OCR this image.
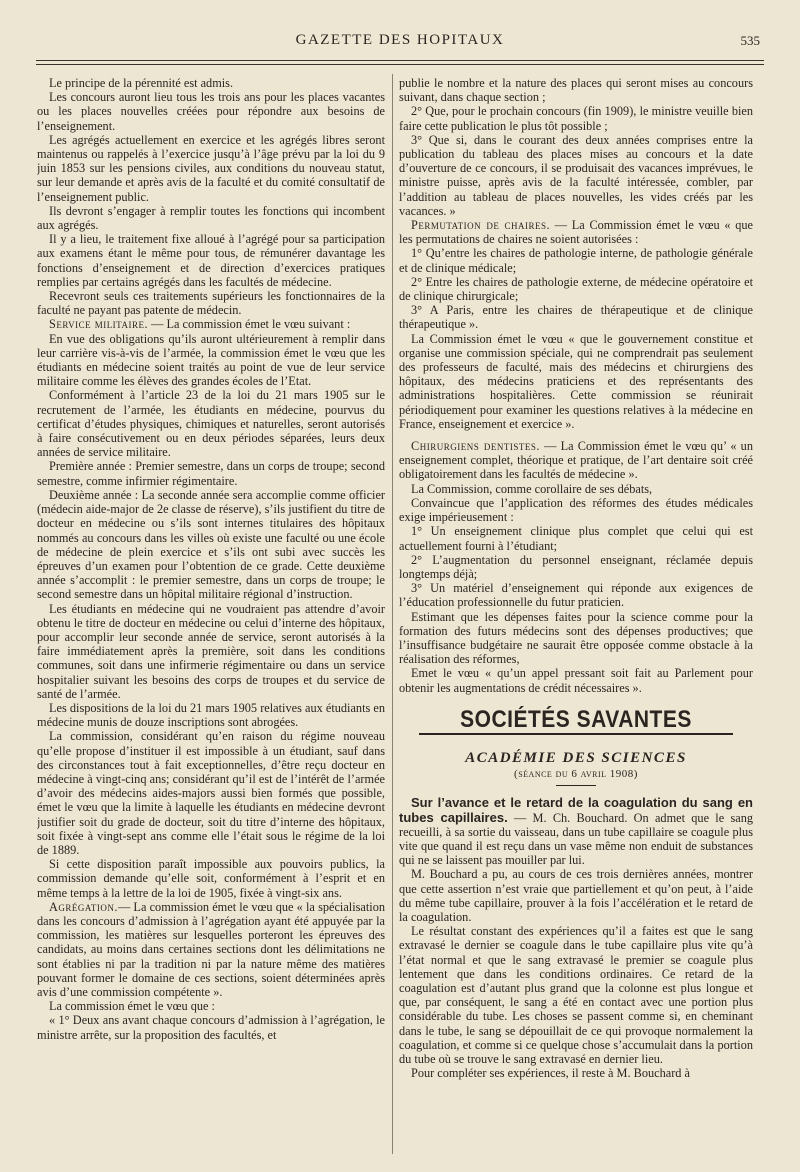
GAZETTE DES HOPITAUX	535

Le principe de la pérennité est admis.

Les concours auront lieu tous les trois ans pour les places vacantes ou les places nouvelles créées pour répondre aux besoins de l’enseignement.

Les agrégés actuellement en exercice et les agrégés libres seront maintenus ou rappelés à l’exercice jusqu’à l’âge prévu par la loi du 9 juin 1853 sur les pensions civiles, aux conditions du nouveau statut, sur leur demande et après avis de la faculté et du comité consultatif de l’enseignement public.

Ils devront s’engager à remplir toutes les fonctions qui incombent aux agrégés.

Il y a lieu, le traitement fixe alloué à l’agrégé pour sa participation aux examens étant le même pour tous, de rémunérer davantage les fonctions d’enseignement et de direction d’exercices pratiques remplies par certains agrégés dans les facultés de médecine.

Recevront seuls ces traitements supérieurs les fonctionnaires de la faculté ne payant pas patente de médecin.

Service militaire. — La commission émet le vœu suivant :

En vue des obligations qu’ils auront ultérieurement à remplir dans leur carrière vis-à-vis de l’armée, la commission émet le vœu que les étudiants en médecine soient traités au point de vue de leur service militaire comme les élèves des grandes écoles de l’Etat.

Conformément à l’article 23 de la loi du 21 mars 1905 sur le recrutement de l’armée, les étudiants en médecine, pourvus du certificat d’études physiques, chimiques et naturelles, seront autorisés à faire consécutivement ou en deux périodes séparées, leurs deux années de service militaire.

Première année : Premier semestre, dans un corps de troupe; second semestre, comme infirmier régimentaire.

Deuxième année : La seconde année sera accomplie comme officier (médecin aide-major de 2e classe de réserve), s’ils justifient du titre de docteur en médecine ou s’ils sont internes titulaires des hôpitaux nommés au concours dans les villes où existe une faculté ou une école de médecine de plein exercice et s’ils ont subi avec succès les épreuves d’un examen pour l’obtention de ce grade. Cette deuxième année s’accomplit : le premier semestre, dans un corps de troupe; le second semestre dans un hôpital militaire régional d’instruction.

Les étudiants en médecine qui ne voudraient pas attendre d’avoir obtenu le titre de docteur en médecine ou celui d’interne des hôpitaux, pour accomplir leur seconde année de service, seront autorisés à la faire immédiatement après la première, soit dans les conditions communes, soit dans une infirmerie régimentaire ou dans un service hospitalier suivant les besoins des corps de troupes et du service de santé de l’armée.

Les dispositions de la loi du 21 mars 1905 relatives aux étudiants en médecine munis de douze inscriptions sont abrogées.

La commission, considérant qu’en raison du régime nouveau qu’elle propose d’instituer il est impossible à un étudiant, sauf dans des circonstances tout à fait exceptionnelles, d’être reçu docteur en médecine à vingt-cinq ans; considérant qu’il est de l’intérêt de l’armée d’avoir des médecins aides-majors aussi bien formés que possible, émet le vœu que la limite à laquelle les étudiants en médecine devront justifier soit du grade de docteur, soit du titre d’interne des hôpitaux, soit fixée à vingt-sept ans comme elle l’était sous le régime de la loi de 1889.

Si cette disposition paraît impossible aux pouvoirs publics, la commission demande qu’elle soit, conformément à l’esprit et en même temps à la lettre de la loi de 1905, fixée à vingt-six ans.

Agrégation.— La commission émet le vœu que « la spécialisation dans les concours d’admission à l’agrégation ayant été appuyée par la commission, les matières sur lesquelles porteront les épreuves des candidats, au moins dans certaines sections dont les délimitations ne sont établies ni par la tradition ni par la nature même des matières pouvant former le domaine de ces sections, soient déterminées après avis d’une commission compétente ».

La commission émet le vœu que :

« 1° Deux ans avant chaque concours d’admission à l’agrégation, le ministre arrête, sur la proposition des facultés, et

publie le nombre et la nature des places qui seront mises au concours suivant, dans chaque section ;

2° Que, pour le prochain concours (fin 1909), le ministre veuille bien faire cette publication le plus tôt possible ;

3° Que si, dans le courant des deux années comprises entre la publication du tableau des places mises au concours et la date d’ouverture de ce concours, il se produisait des vacances imprévues, le ministre puisse, après avis de la faculté intéressée, combler, par l’addition au tableau de places nouvelles, les vides créés par les vacances. »

Permutation de chaires. — La Commission émet le vœu « que les permutations de chaires ne soient autorisées :

1° Qu’entre les chaires de pathologie interne, de pathologie générale et de clinique médicale;

2° Entre les chaires de pathologie externe, de médecine opératoire et de clinique chirurgicale;

3° A Paris, entre les chaires de thérapeutique et de clinique thérapeutique ».

La Commission émet le vœu « que le gouvernement constitue et organise une commission spéciale, qui ne comprendrait pas seulement des professeurs de faculté, mais des médecins et chirurgiens des hôpitaux, des médecins praticiens et des représentants des administrations hospitalières. Cette commission se réunirait périodiquement pour examiner les questions relatives à la médecine en France, enseignement et exercice ».

Chirurgiens dentistes. — La Commission émet le vœu qu’ « un enseignement complet, théorique et pratique, de l’art dentaire soit créé obligatoirement dans les facultés de médecine ».

La Commission, comme corollaire de ses débats,

Convaincue que l’application des réformes des études médicales exige impérieusement :

1° Un enseignement clinique plus complet que celui qui est actuellement fourni à l’étudiant;

2° L’augmentation du personnel enseignant, réclamée depuis longtemps déjà;

3° Un matériel d’enseignement qui réponde aux exigences de l’éducation professionnelle du futur praticien.

Estimant que les dépenses faites pour la science comme pour la formation des futurs médecins sont des dépenses productives; que l’insuffisance budgétaire ne saurait être opposée comme obstacle à la réalisation des réformes,

Emet le vœu « qu’un appel pressant soit fait au Parlement pour obtenir les augmentations de crédit nécessaires ».

SOCIÉTÉS SAVANTES
ACADÉMIE DES SCIENCES
(séance du 6 avril 1908)

Sur l’avance et le retard de la coagulation du sang en tubes capillaires. — M. Ch. Bouchard. On admet que le sang recueilli, à sa sortie du vaisseau, dans un tube capillaire se coagule plus vite que quand il est reçu dans un vase même non enduit de substances qui ne se laissent pas mouiller par lui.

M. Bouchard a pu, au cours de ces trois dernières années, montrer que cette assertion n’est vraie que partiellement et qu’on peut, à l’aide du même tube capillaire, prouver à la fois l’accélération et le retard de la coagulation.

Le résultat constant des expériences qu’il a faites est que le sang extravasé le dernier se coagule dans le tube capillaire plus vite qu’à l’état normal et que le sang extravasé le premier se coagule plus lentement que dans les conditions ordinaires. Ce retard de la coagulation est d’autant plus grand que la colonne est plus longue et que, par conséquent, le sang a été en contact avec une portion plus considérable du tube. Les choses se passent comme si, en cheminant dans le tube, le sang se dépouillait de ce qui provoque normalement la coagulation, et comme si ce quelque chose s’accumulait dans la portion du tube où se trouve le sang extravasé en dernier lieu.

Pour compléter ses expériences, il reste à M. Bouchard à
